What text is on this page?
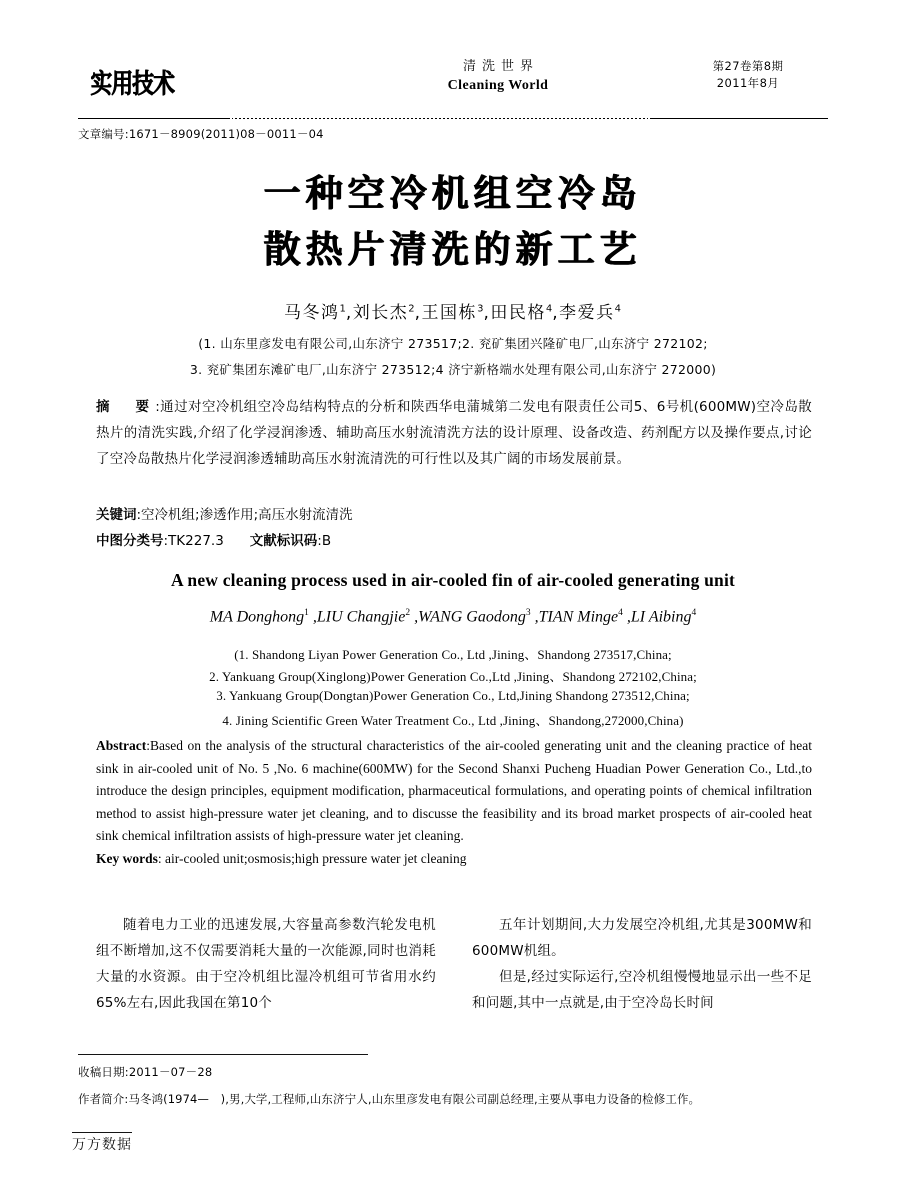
实用技术
清洗世界
Cleaning World
第27卷第8期
2011年8月
文章编号:1671－8909(2011)08－0011－04
一种空冷机组空冷岛
散热片清洗的新工艺
马冬鸿$^1$,刘长杰$^2$,王国栋$^3$,田民格$^4$,李爱兵$^4$
(1. 山东里彦发电有限公司,山东济宁 273517;2. 兖矿集团兴隆矿电厂,山东济宁 272102;
3. 兖矿集团东滩矿电厂,山东济宁 273512;4 济宁新格端水处理有限公司,山东济宁 272000)
摘　要:通过对空冷机组空冷岛结构特点的分析和陕西华电蒲城第二发电有限责任公司5、6号机(600MW)空冷岛散热片的清洗实践,介绍了化学浸润渗透、辅助高压水射流清洗方法的设计原理、设备改造、药剂配方以及操作要点,讨论了空冷岛散热片化学浸润渗透辅助高压水射流清洗的可行性以及其广阔的市场发展前景。
关键词:空冷机组;渗透作用;高压水射流清洗
中图分类号:TK227.3 文献标识码:B
A new cleaning process used in air-cooled fin of air-cooled generating unit
MA Donghong$^1$ ,LIU Changjie$^2$ ,WANG Gaodong$^3$ ,TIAN Minge$^4$ ,LI Aibing$^4$
(1. Shandong Liyan Power Generation Co., Ltd ,Jining、Shandong 273517,China;
2. Yankuang Group(Xinglong)Power Generation Co.,Ltd ,Jining、Shandong 272102,China;
3. Yankuang Group(Dongtan)Power Generation Co., Ltd,Jining Shandong 273512,China;
4. Jining Scientific Green Water Treatment Co., Ltd ,Jining、Shandong,272000,China)
Abstract:Based on the analysis of the structural characteristics of the air-cooled generating unit and the cleaning practice of heat sink in air-cooled unit of No. 5 ,No. 6 machine(600MW) for the Second Shanxi Pucheng Huadian Power Generation Co., Ltd.,to introduce the design principles, equipment modification, pharmaceutical formulations, and operating points of chemical infiltration method to assist high-pressure water jet cleaning, and to discusse the feasibility and its broad market prospects of air-cooled heat sink chemical infiltration assists of high-pressure water jet cleaning.
Key words: air-cooled unit;osmosis;high pressure water jet cleaning

随着电力工业的迅速发展,大容量高参数汽轮发电机组不断增加,这不仅需要消耗大量的一次能源,同时也消耗大量的水资源。由于空冷机组比湿冷机组可节省用水约65%左右,因此我国在第10个

五年计划期间,大力发展空冷机组,尤其是300MW和600MW机组。

但是,经过实际运行,空冷机组慢慢地显示出一些不足和问题,其中一点就是,由于空冷岛长时间

收稿日期:2011－07－28
作者简介:马冬鸿(1974—　),男,大学,工程师,山东济宁人,山东里彦发电有限公司副总经理,主要从事电力设备的检修工作。
万方数据
